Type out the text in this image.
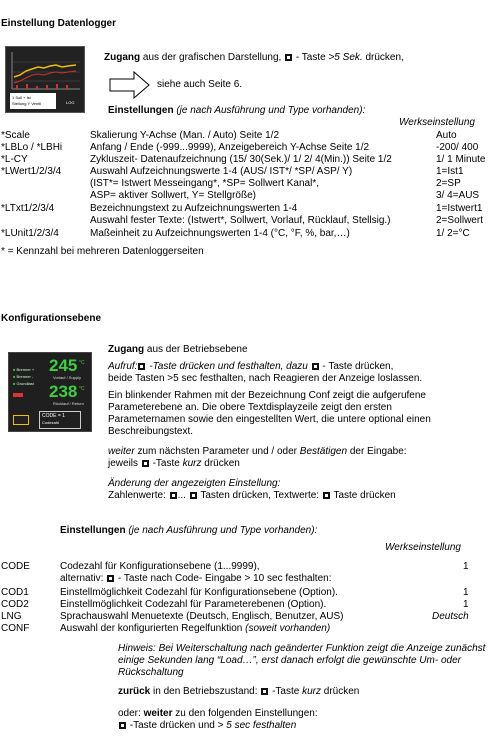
Einstellung Datenlogger
1 Soll + Ist
Stellung Y Ventil	LOG
Zugang aus der grafischen Darstellung,  - Taste >5 Sek. drücken,
siehe auch Seite 6.
Einstellungen (je nach Ausführung und Type vorhanden):
Werkseinstellung
*Scale	Skalierung Y-Achse (Man. / Auto) Seite 1/2	Auto
*LBLo / *LBHi	Anfang / Ende (-999...9999), Anzeigebereich Y-Achse Seite 1/2	-200/ 400
*L-CY	Zykluszeit- Datenaufzeichnung (15/ 30(Sek.)/ 1/ 2/ 4(Min.)) Seite 1/2	1/ 1 Minute
*LWert1/2/3/4	Auswahl Aufzeichnungswerte 1-4 (AUS/ IST*/ *SP/ ASP/ Y)	1=Ist1
(IST*= Istwert Messeingang*, *SP= Sollwert Kanal*,	2=SP
ASP= aktiver Sollwert, Y= Stellgröße)	3/ 4=AUS
*LTxt1/2/3/4	Bezeichnungstext zu Aufzeichnungswerten 1-4	1=Istwert1
Auswahl fester Texte: (Istwert*, Sollwert, Vorlauf, Rücklauf, Stellsig.)	2=Sollwert
*LUnit1/2/3/4	Maßeinheit zu Aufzeichnungswerten 1-4 (°C, °F, %, bar,…)	1/ 2=°C
* = Kennzahl bei mehreren Datenloggerseiten
Konfigurationsebene
Zugang aus der Betriebsebene
■ Brenner +
■ Brenner -
■ Grundlast
245 °C
Vorlauf / Supply
238 °C
Rücklauf / Return
CODE = 1
Codezahl
Aufruf: -Taste drücken und festhalten, dazu  - Taste drücken,
beide Tasten >5 sec festhalten, nach Reagieren der Anzeige loslassen.
Ein blinkender Rahmen mit der Bezeichnung Conf zeigt die aufgerufene
Parameterebene an. Die obere Textdisplayzeile zeigt den ersten
Parameternamen sowie den eingestellten Wert, die untere optional einen
Beschreibungstext.
weiter zum nächsten Parameter und / oder Bestätigen der Eingabe:
jeweils  -Taste kurz drücken
Änderung der angezeigten Einstellung:
Zahlenwerte: ...  Tasten drücken, Textwerte:  Taste drücken
Einstellungen (je nach Ausführung und Type vorhanden):
Werkseinstellung
CODE	Codezahl für Konfigurationsebene (1...9999),	1
alternativ:  - Taste nach Code- Eingabe > 10 sec festhalten:
COD1	Einstellmöglichkeit Codezahl für Konfigurationsebene (Option).	1
COD2	Einstellmöglichkeit Codezahl für Parameterebenen (Option).	1
LNG	Sprachauswahl Menuetexte (Deutsch, Englisch, Benutzer, AUS)	Deutsch
CONF	Auswahl der konfigurierten Regelfunktion (soweit vorhanden)
Hinweis: Bei Weiterschaltung nach geänderter Funktion zeigt die Anzeige zunächst
einige Sekunden lang “Load…”, erst danach erfolgt die gewünschte Um- oder
Rückschaltung
zurück in den Betriebszustand:  -Taste kurz drücken
oder: weiter zu den folgenden Einstellungen:
-Taste drücken und > 5 sec festhalten
